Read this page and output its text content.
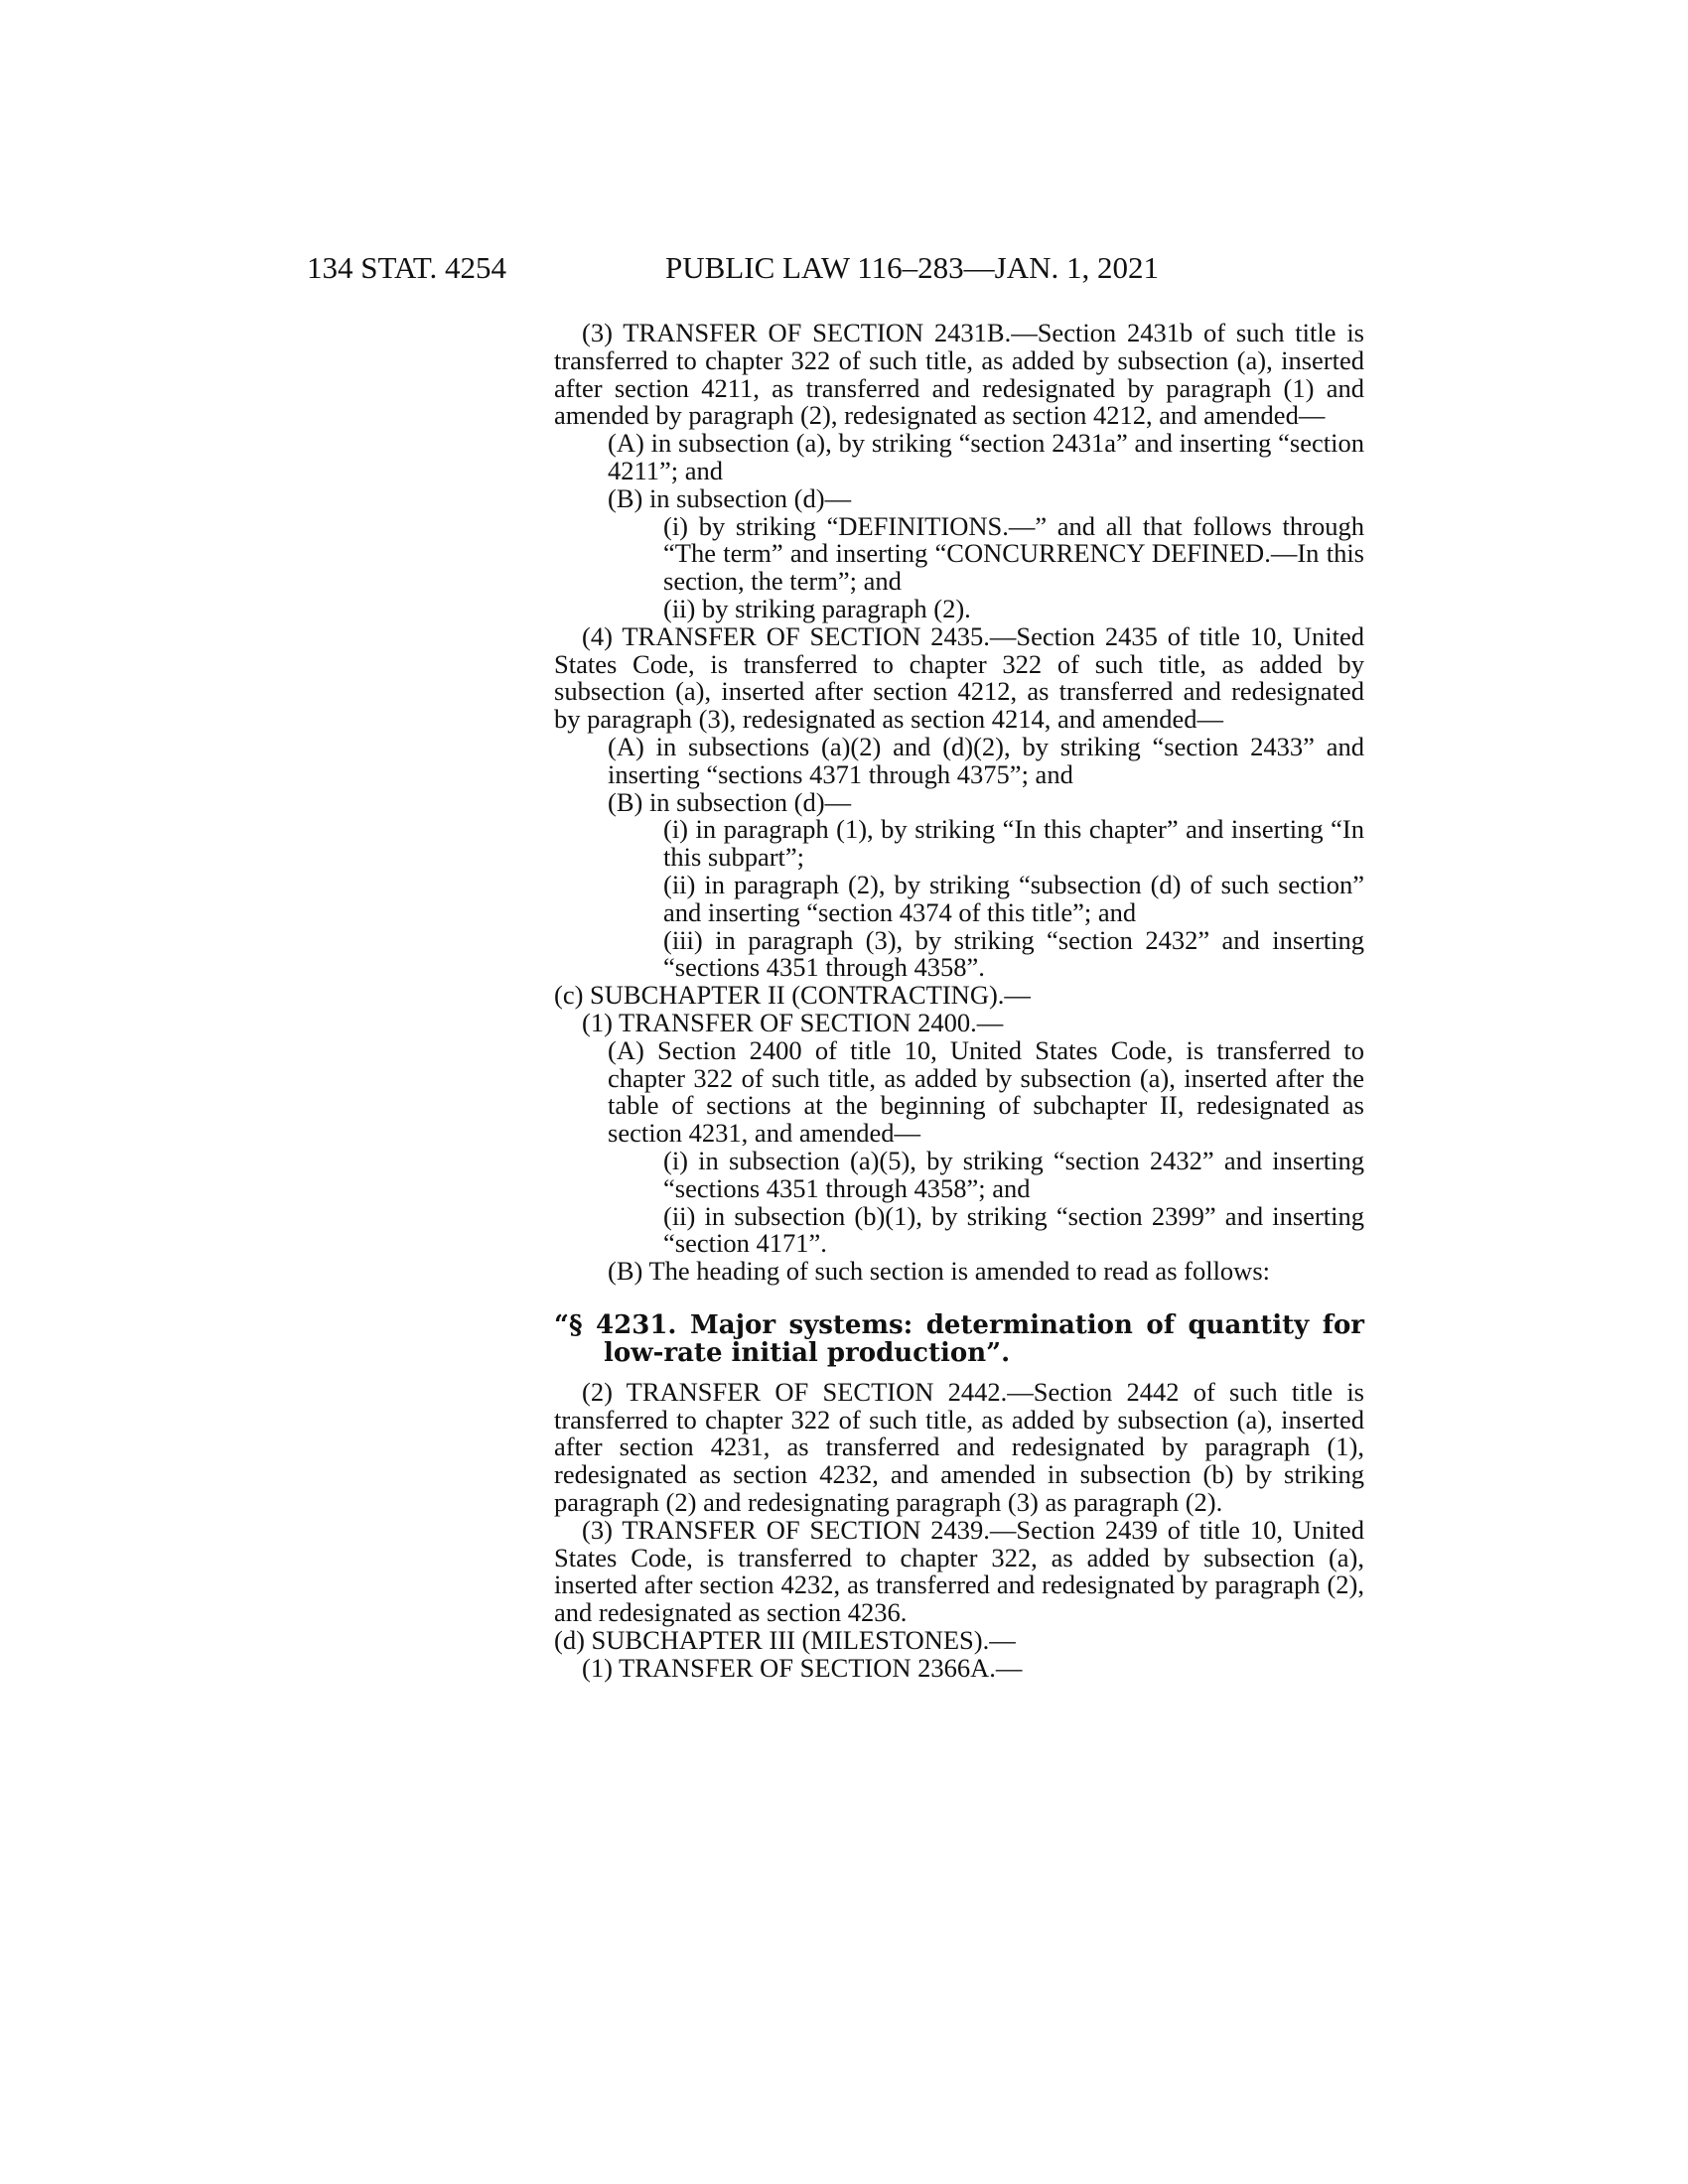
134 STAT. 4254	PUBLIC LAW 116–283—JAN. 1, 2021

(3) TRANSFER OF SECTION 2431B.—Section 2431b of such title is transferred to chapter 322 of such title, as added by subsection (a), inserted after section 4211, as transferred and redesignated by paragraph (1) and amended by paragraph (2), redesignated as section 4212, and amended—

(A) in subsection (a), by striking “section 2431a” and inserting “section 4211”; and

(B) in subsection (d)—

(i) by striking “DEFINITIONS.—” and all that follows through “The term” and inserting “CONCURRENCY DEFINED.—In this section, the term”; and

(ii) by striking paragraph (2).

(4) TRANSFER OF SECTION 2435.—Section 2435 of title 10, United States Code, is transferred to chapter 322 of such title, as added by subsection (a), inserted after section 4212, as transferred and redesignated by paragraph (3), redesignated as section 4214, and amended—

(A) in subsections (a)(2) and (d)(2), by striking “section 2433” and inserting “sections 4371 through 4375”; and

(B) in subsection (d)—

(i) in paragraph (1), by striking “In this chapter” and inserting “In this subpart”;

(ii) in paragraph (2), by striking “subsection (d) of such section” and inserting “section 4374 of this title”; and

(iii) in paragraph (3), by striking “section 2432” and inserting “sections 4351 through 4358”.

(c) SUBCHAPTER II (CONTRACTING).—

(1) TRANSFER OF SECTION 2400.—

(A) Section 2400 of title 10, United States Code, is transferred to chapter 322 of such title, as added by subsection (a), inserted after the table of sections at the beginning of subchapter II, redesignated as section 4231, and amended—

(i) in subsection (a)(5), by striking “section 2432” and inserting “sections 4351 through 4358”; and

(ii) in subsection (b)(1), by striking “section 2399” and inserting “section 4171”.

(B) The heading of such section is amended to read as follows:

“§ 4231. Major systems: determination of quantity for low-rate initial production”.

(2) TRANSFER OF SECTION 2442.—Section 2442 of such title is transferred to chapter 322 of such title, as added by subsection (a), inserted after section 4231, as transferred and redesignated by paragraph (1), redesignated as section 4232, and amended in subsection (b) by striking paragraph (2) and redesignating paragraph (3) as paragraph (2).

(3) TRANSFER OF SECTION 2439.—Section 2439 of title 10, United States Code, is transferred to chapter 322, as added by subsection (a), inserted after section 4232, as transferred and redesignated by paragraph (2), and redesignated as section 4236.

(d) SUBCHAPTER III (MILESTONES).—

(1) TRANSFER OF SECTION 2366A.—
